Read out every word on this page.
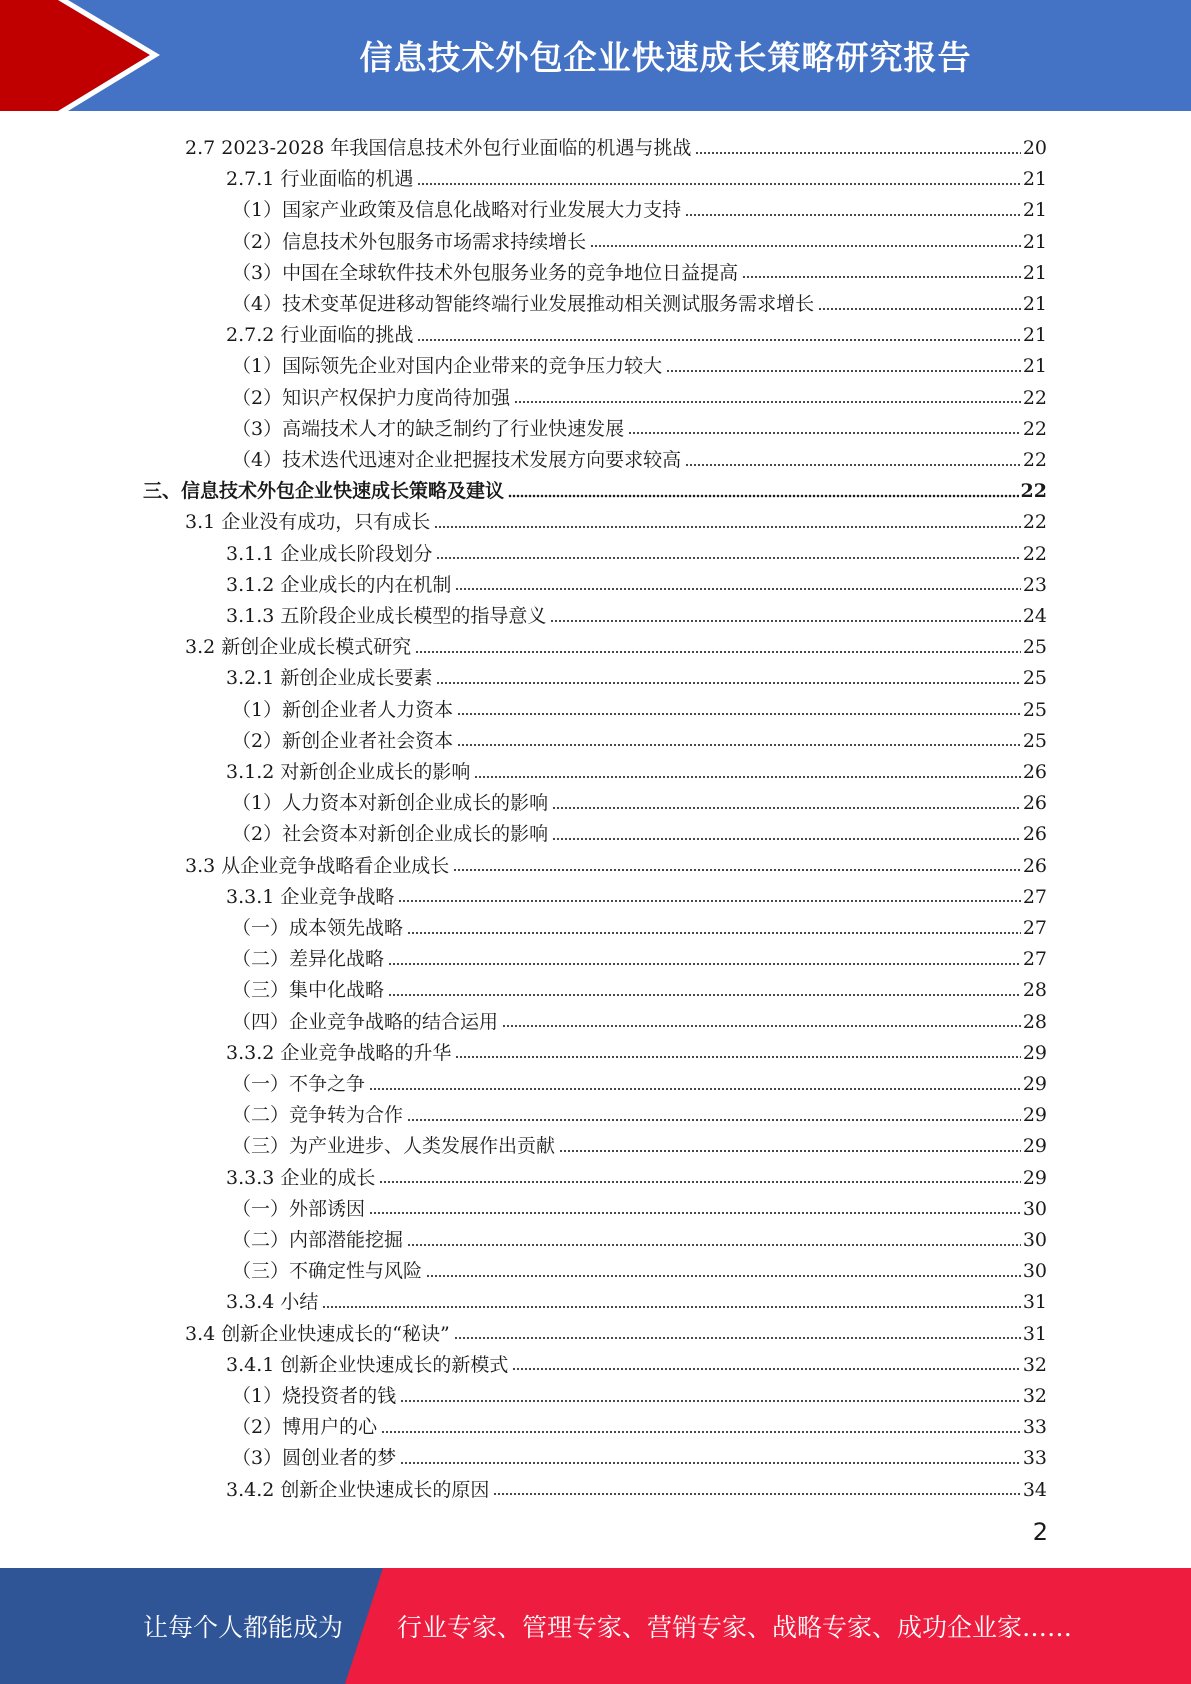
信息技术外包企业快速成长策略研究报告
2.7 2023-2028 年我国信息技术外包行业面临的机遇与挑战	20
2.7.1 行业面临的机遇	21
（1）国家产业政策及信息化战略对行业发展大力支持	21
（2）信息技术外包服务市场需求持续增长	21
（3）中国在全球软件技术外包服务业务的竞争地位日益提高	21
（4）技术变革促进移动智能终端行业发展推动相关测试服务需求增长	21
2.7.2 行业面临的挑战	21
（1）国际领先企业对国内企业带来的竞争压力较大	21
（2）知识产权保护力度尚待加强	22
（3）高端技术人才的缺乏制约了行业快速发展	22
（4）技术迭代迅速对企业把握技术发展方向要求较高	22
三、信息技术外包企业快速成长策略及建议	22
3.1 企业没有成功，只有成长	22
3.1.1 企业成长阶段划分	22
3.1.2 企业成长的内在机制	23
3.1.3 五阶段企业成长模型的指导意义	24
3.2 新创企业成长模式研究	25
3.2.1 新创企业成长要素	25
（1）新创企业者人力资本	25
（2）新创企业者社会资本	25
3.1.2 对新创企业成长的影响	26
（1）人力资本对新创企业成长的影响	26
（2）社会资本对新创企业成长的影响	26
3.3 从企业竞争战略看企业成长	26
3.3.1 企业竞争战略	27
（一）成本领先战略	27
（二）差异化战略	27
（三）集中化战略	28
（四）企业竞争战略的结合运用	28
3.3.2 企业竞争战略的升华	29
（一）不争之争	29
（二）竞争转为合作	29
（三）为产业进步、人类发展作出贡献	29
3.3.3 企业的成长	29
（一）外部诱因	30
（二）内部潜能挖掘	30
（三）不确定性与风险	30
3.3.4 小结	31
3.4 创新企业快速成长的“秘诀”	31
3.4.1 创新企业快速成长的新模式	32
（1）烧投资者的钱	32
（2）博用户的心	33
（3）圆创业者的梦	33
3.4.2 创新企业快速成长的原因	34
2
让每个人都能成为 行业专家、管理专家、营销专家、战略专家、成功企业家……
